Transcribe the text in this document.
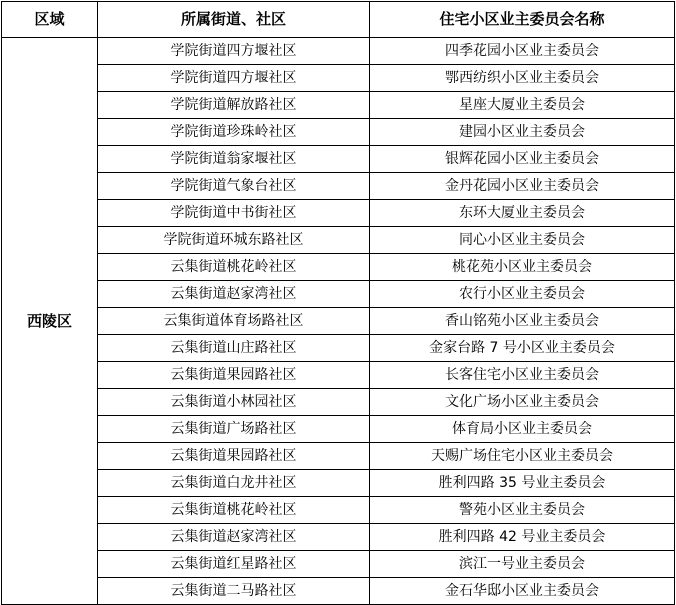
区域	所属街道、社区	住宅小区业主委员会名称
西陵区	学院街道四方堰社区	四季花园小区业主委员会
	学院街道四方堰社区	鄂西纺织小区业主委员会
	学院街道解放路社区	星座大厦业主委员会
	学院街道珍珠岭社区	建园小区业主委员会
	学院街道翁家堰社区	银辉花园小区业主委员会
	学院街道气象台社区	金丹花园小区业主委员会
	学院街道中书街社区	东环大厦业主委员会
	学院街道环城东路社区	同心小区业主委员会
	云集街道桃花岭社区	桃花苑小区业主委员会
	云集街道赵家湾社区	农行小区业主委员会
	云集街道体育场路社区	香山铭苑小区业主委员会
	云集街道山庄路社区	金家台路 7 号小区业主委员会
	云集街道果园路社区	长客住宅小区业主委员会
	云集街道小林园社区	文化广场小区业主委员会
	云集街道广场路社区	体育局小区业主委员会
	云集街道果园路社区	天赐广场住宅小区业主委员会
	云集街道白龙井社区	胜利四路 35 号业主委员会
	云集街道桃花岭社区	警苑小区业主委员会
	云集街道赵家湾社区	胜利四路 42 号业主委员会
	云集街道红星路社区	滨江一号业主委员会
	云集街道二马路社区	金石华邸小区业主委员会
